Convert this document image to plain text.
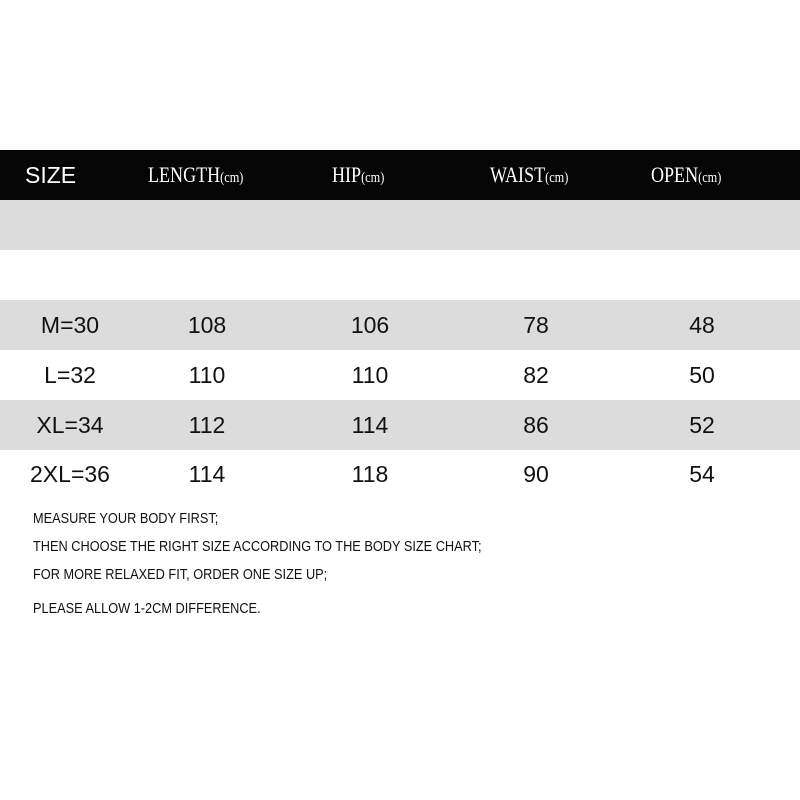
SIZE	LENGTH(cm)	HIP(cm)	WAIST(cm)	OPEN(cm)
M=30	108	106	78	48
L=32	110	110	82	50
XL=34	112	114	86	52
2XL=36	114	118	90	54
MEASURE YOUR BODY FIRST;
THEN CHOOSE THE RIGHT SIZE ACCORDING TO THE BODY SIZE CHART;
FOR MORE RELAXED FIT, ORDER ONE SIZE UP;
PLEASE ALLOW 1-2CM DIFFERENCE.
